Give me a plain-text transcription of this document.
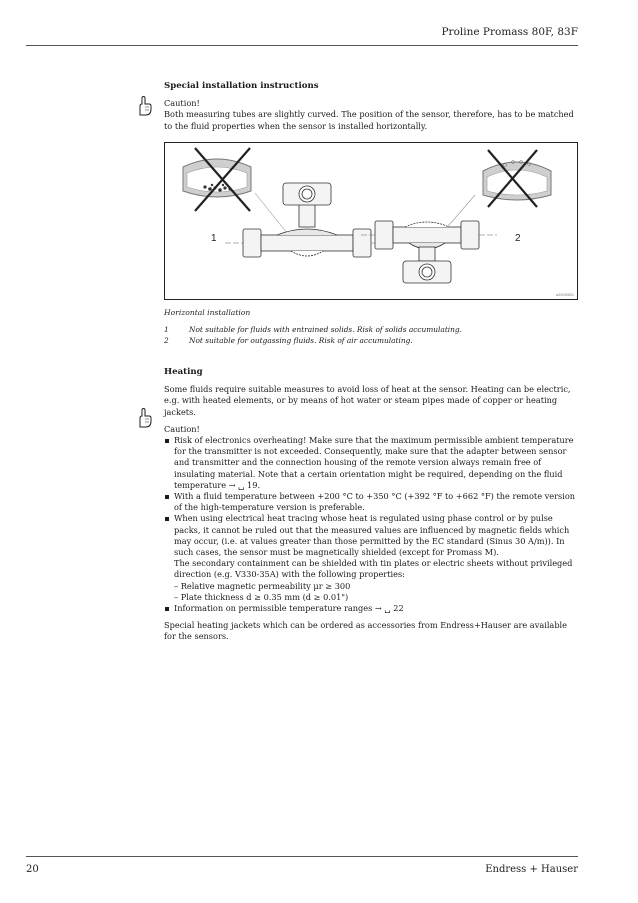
Proline Promass 80F, 83F

Special installation instructions

Caution!

Both measuring tubes are slightly curved. The position of the sensor, therefore, has to be matched to the fluid properties when the sensor is installed horizontally.

1	2
a0004581

Horizontal installation

1	Not suitable for fluids with entrained solids. Risk of solids accumulating.
2	Not suitable for outgassing fluids. Risk of air accumulating.

Heating

Some fluids require suitable measures to avoid loss of heat at the sensor. Heating can be electric, e.g. with heated elements, or by means of hot water or steam pipes made of copper or heating jackets.

Caution!

Risk of electronics overheating! Make sure that the maximum permissible ambient temperature for the transmitter is not exceeded. Consequently, make sure that the adapter between sensor and transmitter and the connection housing of the remote version always remain free of insulating material. Note that a certain orientation might be required, depending on the fluid temperature → ␣ 19.
With a fluid temperature between +200 °C to +350 °C (+392 °F to +662 °F) the remote version of the high-temperature version is preferable.
When using electrical heat tracing whose heat is regulated using phase control or by pulse packs, it cannot be ruled out that the measured values are influenced by magnetic fields which may occur, (i.e. at values greater than those permitted by the EC standard (Sinus 30 A/m)). In such cases, the sensor must be magnetically shielded (except for Promass M).

The secondary containment can be shielded with tin plates or electric sheets without privileged direction (e.g. V330-35A) with the following properties:

– Relative magnetic permeability μr ≥ 300

– Plate thickness d ≥ 0.35 mm (d ≥ 0.01")

Information on permissible temperature ranges → ␣ 22

Special heating jackets which can be ordered as accessories from Endress+Hauser are available for the sensors.

20	Endress + Hauser
